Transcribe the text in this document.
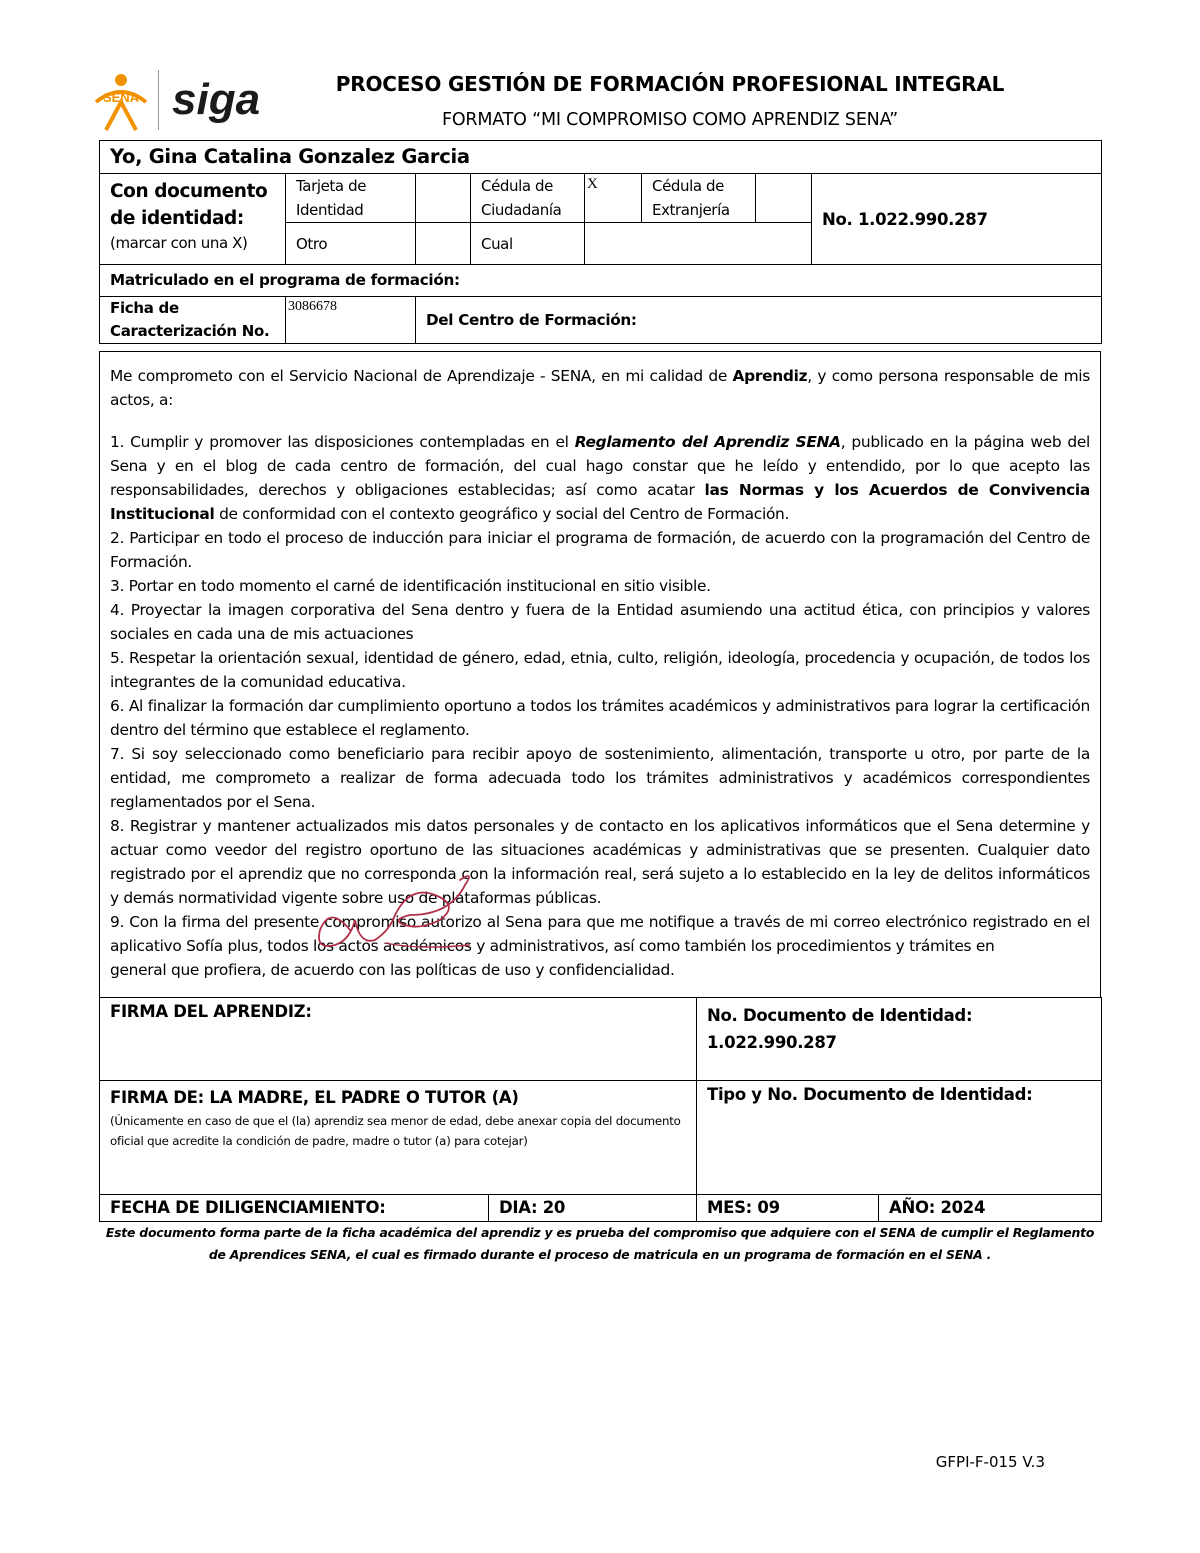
SENA siga	PROCESO GESTIÓN DE FORMACIÓN PROFESIONAL INTEGRAL
FORMATO “MI COMPROMISO COMO APRENDIZ SENA”
Yo, Gina Catalina Gonzalez Garcia							

Con documento de identidad:
(marcar con una X)	Tarjeta de Identidad		Cédula de Ciudadanía	X	Cédula de Extranjería		No. 1.022.990.287
	Otro		Cual				
Matriculado en el programa de formación:							
Ficha de Caracterización No.	3086678	Del Centro de Formación:					

Me comprometo con el Servicio Nacional de Aprendizaje - SENA, en mi calidad de Aprendiz, y como persona responsable de mis actos, a:

1. Cumplir y promover las disposiciones contempladas en el Reglamento del Aprendiz SENA, publicado en la página web del Sena y en el blog de cada centro de formación, del cual hago constar que he leído y entendido, por lo que acepto las responsabilidades, derechos y obligaciones establecidas; así como acatar las Normas y los Acuerdos de Convivencia Institucional de conformidad con el contexto geográfico y social del Centro de Formación.

2. Participar en todo el proceso de inducción para iniciar el programa de formación, de acuerdo con la programación del Centro de Formación.

3. Portar en todo momento el carné de identificación institucional en sitio visible.

4. Proyectar la imagen corporativa del Sena dentro y fuera de la Entidad asumiendo una actitud ética, con principios y valores sociales en cada una de mis actuaciones

5. Respetar la orientación sexual, identidad de género, edad, etnia, culto, religión, ideología, procedencia y ocupación, de todos los integrantes de la comunidad educativa.

6. Al finalizar la formación dar cumplimiento oportuno a todos los trámites académicos y administrativos para lograr la certificación dentro del término que establece el reglamento.

7. Si soy seleccionado como beneficiario para recibir apoyo de sostenimiento, alimentación, transporte u otro, por parte de la entidad, me comprometo a realizar de forma adecuada todo los trámites administrativos y académicos correspondientes reglamentados por el Sena.

8. Registrar y mantener actualizados mis datos personales y de contacto en los aplicativos informáticos que el Sena determine y actuar como veedor del registro oportuno de las situaciones académicas y administrativas que se presenten. Cualquier dato registrado por el aprendiz que no corresponda con la información real, será sujeto a lo establecido en la ley de delitos informáticos y demás normatividad vigente sobre uso de plataformas públicas.

9. Con la firma del presente compromiso autorizo al Sena para que me notifique a través de mi correo electrónico registrado en el aplicativo Sofía plus, todos los actos académicos y administrativos, así como también los procedimientos y trámites en

general que profiera, de acuerdo con las políticas de uso y confidencialidad.

FIRMA DEL APRENDIZ:		No. Documento de Identidad:
1.022.990.287	

FIRMA DE: LA MADRE, EL PADRE O TUTOR (A)
(Únicamente en caso de que el (la) aprendiz sea menor de edad, debe anexar copia del documento oficial que acredite la condición de padre, madre o tutor (a) para cotejar)		Tipo y No. Documento de Identidad:	
FECHA DE DILIGENCIAMIENTO:	DIA: 20	MES: 09	AÑO: 2024
Este documento forma parte de la ficha académica del aprendiz y es prueba del compromiso que adquiere con el SENA de cumplir el Reglamento de Aprendices SENA, el cual es firmado durante el proceso de matricula en un programa de formación en el SENA .
GFPI-F-015 V.3
